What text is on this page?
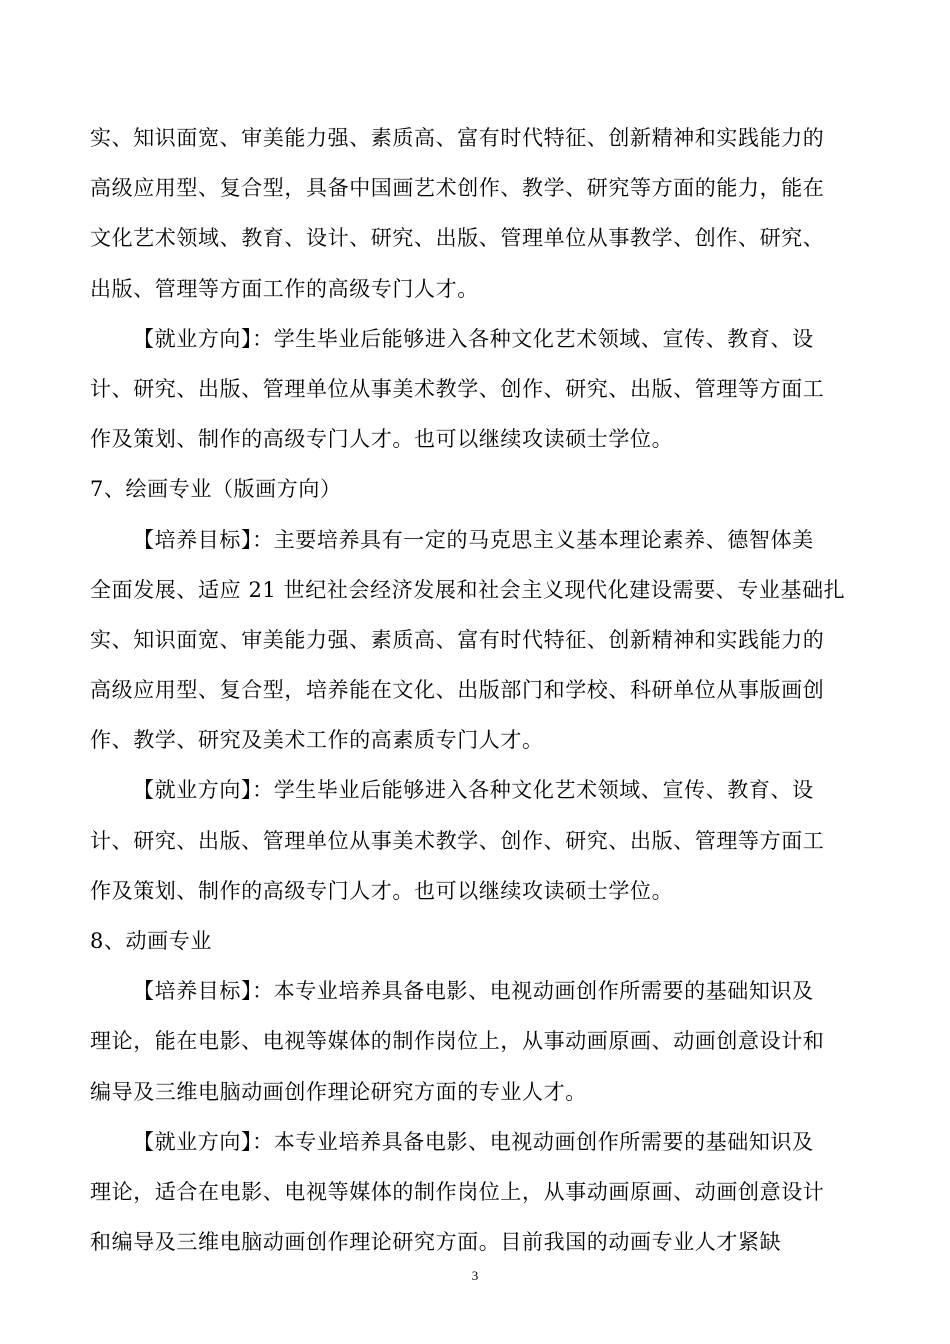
实、知识面宽、审美能力强、素质高、富有时代特征、创新精神和实践能力的
高级应用型、复合型，具备中国画艺术创作、教学、研究等方面的能力，能在
文化艺术领域、教育、设计、研究、出版、管理单位从事教学、创作、研究、
出版、管理等方面工作的高级专门人才。
【就业方向】：学生毕业后能够进入各种文化艺术领域、宣传、教育、设
计、研究、出版、管理单位从事美术教学、创作、研究、出版、管理等方面工
作及策划、制作的高级专门人才。也可以继续攻读硕士学位。
7、绘画专业（版画方向）
【培养目标】：主要培养具有一定的马克思主义基本理论素养、德智体美
全面发展、适应 21 世纪社会经济发展和社会主义现代化建设需要、专业基础扎
实、知识面宽、审美能力强、素质高、富有时代特征、创新精神和实践能力的
高级应用型、复合型，培养能在文化、出版部门和学校、科研单位从事版画创
作、教学、研究及美术工作的高素质专门人才。
【就业方向】：学生毕业后能够进入各种文化艺术领域、宣传、教育、设
计、研究、出版、管理单位从事美术教学、创作、研究、出版、管理等方面工
作及策划、制作的高级专门人才。也可以继续攻读硕士学位。
8、动画专业
【培养目标】：本专业培养具备电影、电视动画创作所需要的基础知识及
理论，能在电影、电视等媒体的制作岗位上，从事动画原画、动画创意设计和
编导及三维电脑动画创作理论研究方面的专业人才。
【就业方向】：本专业培养具备电影、电视动画创作所需要的基础知识及
理论，适合在电影、电视等媒体的制作岗位上，从事动画原画、动画创意设计
和编导及三维电脑动画创作理论研究方面。目前我国的动画专业人才紧缺
3
